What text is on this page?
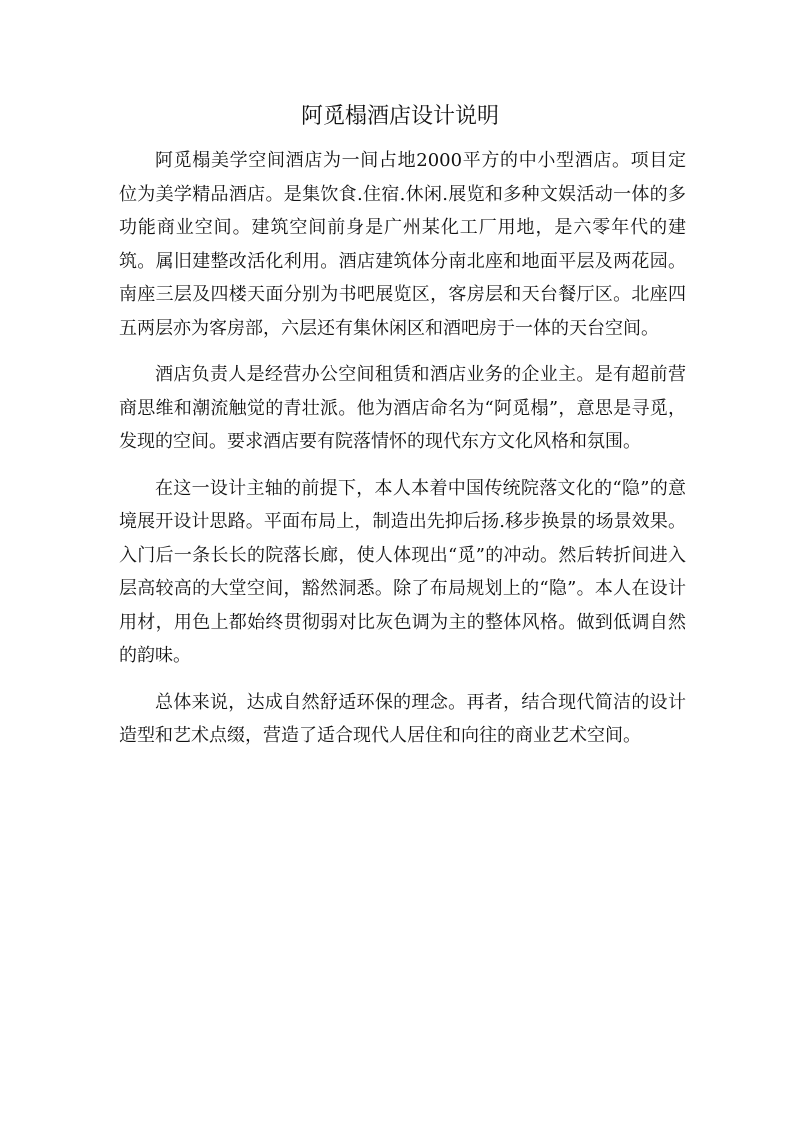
阿觅榻酒店设计说明

阿觅榻美学空间酒店为一间占地2000平方的中小型酒店。项目定位为美学精品酒店。是集饮食.住宿.休闲.展览和多种文娱活动一体的多功能商业空间。建筑空间前身是广州某化工厂用地，是六零年代的建筑。属旧建整改活化利用。酒店建筑体分南北座和地面平层及两花园。南座三层及四楼天面分别为书吧展览区，客房层和天台餐厅区。北座四五两层亦为客房部，六层还有集休闲区和酒吧房于一体的天台空间。

酒店负责人是经营办公空间租赁和酒店业务的企业主。是有超前营商思维和潮流触觉的青壮派。他为酒店命名为“阿觅榻”，意思是寻觅，发现的空间。要求酒店要有院落情怀的现代东方文化风格和氛围。

在这一设计主轴的前提下，本人本着中国传统院落文化的“隐”的意境展开设计思路。平面布局上，制造出先抑后扬.移步换景的场景效果。入门后一条长长的院落长廊，使人体现出“觅”的冲动。然后转折间进入层高较高的大堂空间，豁然洞悉。除了布局规划上的“隐”。本人在设计用材，用色上都始终贯彻弱对比灰色调为主的整体风格。做到低调自然的韵味。

总体来说，达成自然舒适环保的理念。再者，结合现代简洁的设计造型和艺术点缀，营造了适合现代人居住和向往的商业艺术空间。
